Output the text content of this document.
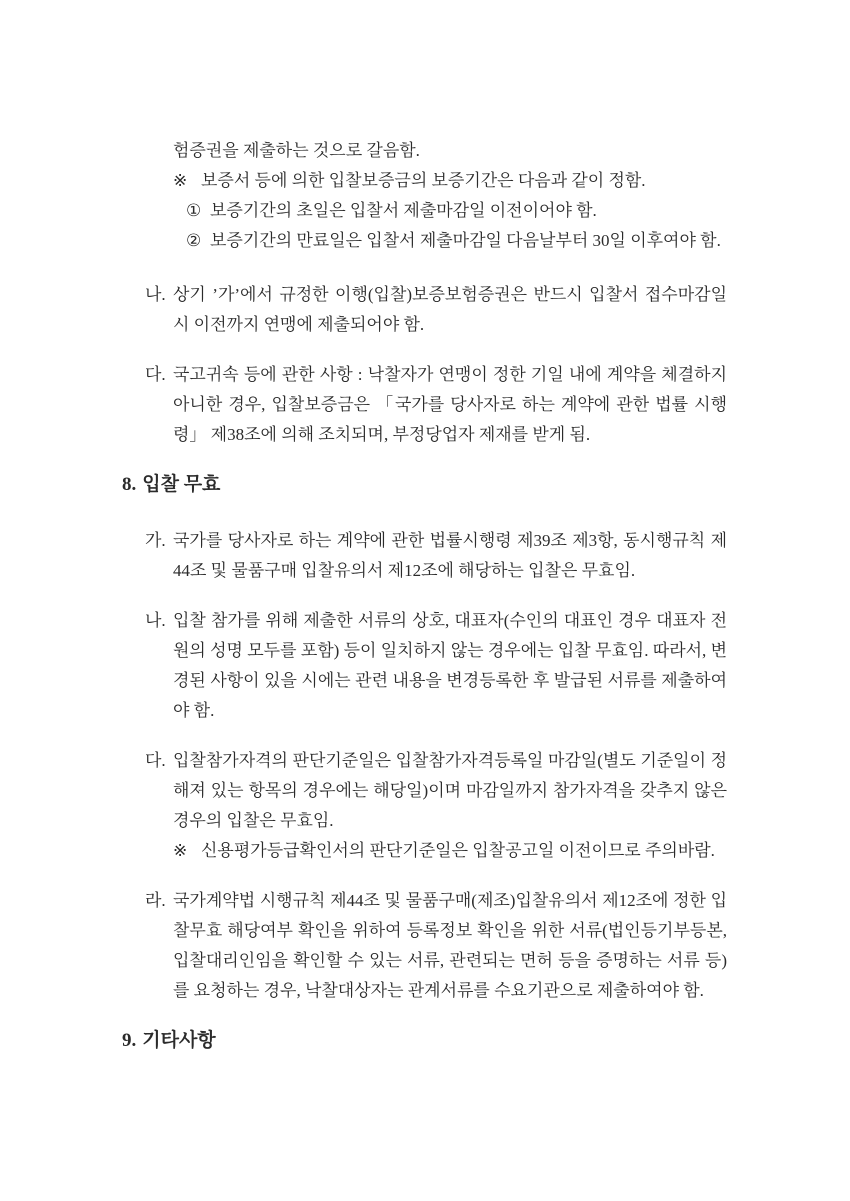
험증권을 제출하는 것으로 갈음함.
※ 보증서 등에 의한 입찰보증금의 보증기간은 다음과 같이 정함.
① 보증기간의 초일은 입찰서 제출마감일 이전이어야 함.
② 보증기간의 만료일은 입찰서 제출마감일 다음날부터 30일 이후여야 함.
나. 상기 ’가’에서 규정한 이행(입찰)보증보험증권은 반드시 입찰서 접수마감일시 이전까지 연맹에 제출되어야 함.
다. 국고귀속 등에 관한 사항 : 낙찰자가 연맹이 정한 기일 내에 계약을 체결하지 아니한 경우, 입찰보증금은 「국가를 당사자로 하는 계약에 관한 법률 시행령」 제38조에 의해 조치되며, 부정당업자 제재를 받게 됨.
8. 입찰 무효
가. 국가를 당사자로 하는 계약에 관한 법률시행령 제39조 제3항, 동시행규칙 제44조 및 물품구매 입찰유의서 제12조에 해당하는 입찰은 무효임.
나. 입찰 참가를 위해 제출한 서류의 상호, 대표자(수인의 대표인 경우 대표자 전원의 성명 모두를 포함) 등이 일치하지 않는 경우에는 입찰 무효임. 따라서, 변경된 사항이 있을 시에는 관련 내용을 변경등록한 후 발급된 서류를 제출하여야 함.
다. 입찰참가자격의 판단기준일은 입찰참가자격등록일 마감일(별도 기준일이 정해져 있는 항목의 경우에는 해당일)이며 마감일까지 참가자격을 갖추지 않은 경우의 입찰은 무효임.
※ 신용평가등급확인서의 판단기준일은 입찰공고일 이전이므로 주의바람.
라. 국가계약법 시행규칙 제44조 및 물품구매(제조)입찰유의서 제12조에 정한 입찰무효 해당여부 확인을 위하여 등록정보 확인을 위한 서류(법인등기부등본, 입찰대리인임을 확인할 수 있는 서류, 관련되는 면허 등을 증명하는 서류 등)를 요청하는 경우, 낙찰대상자는 관계서류를 수요기관으로 제출하여야 함.
9. 기타사항
